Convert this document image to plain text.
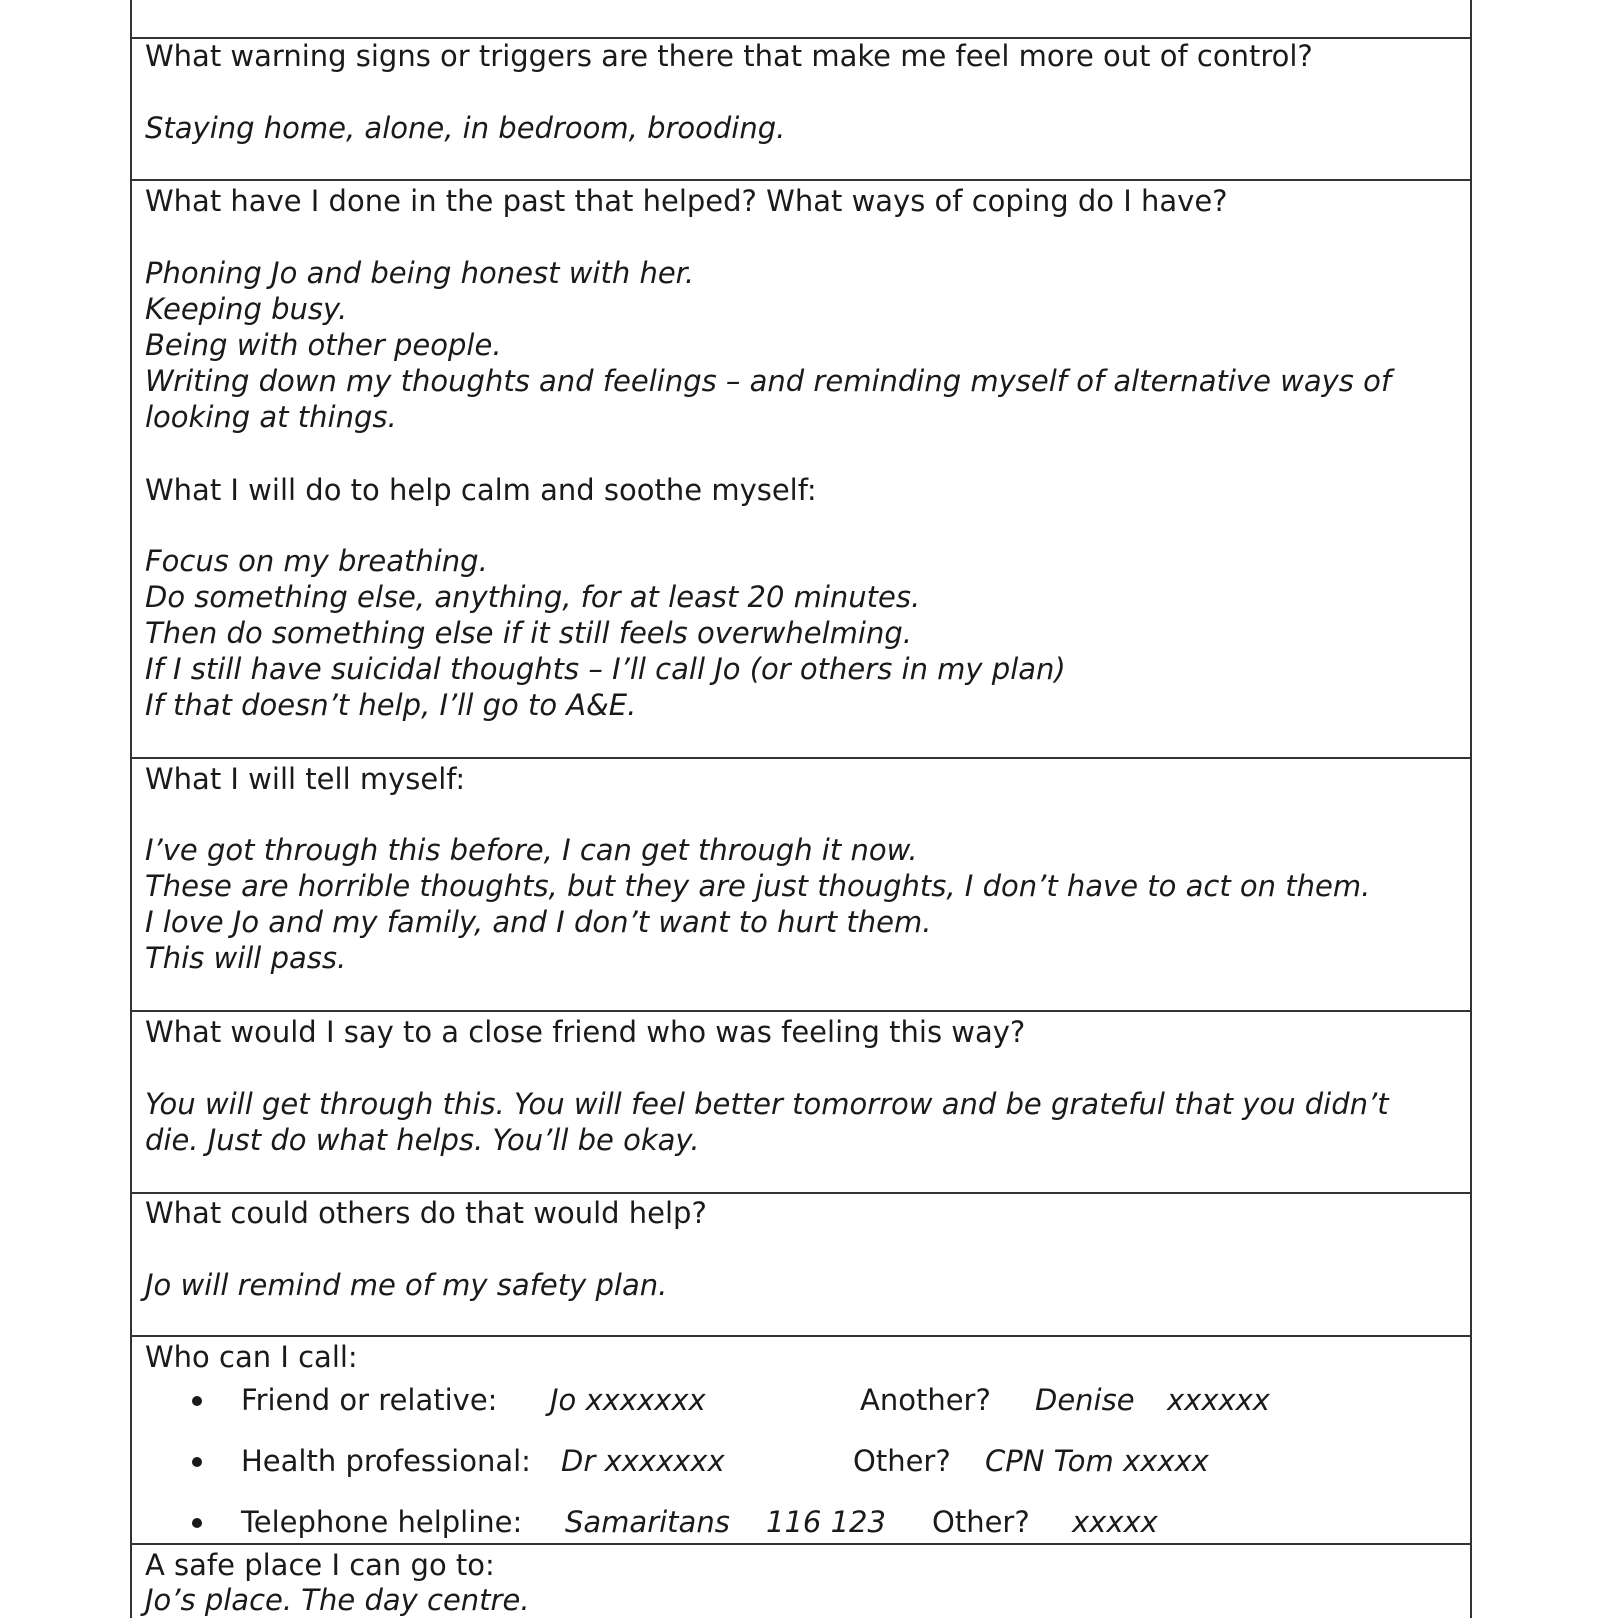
What warning signs or triggers are there that make me feel more out of control?
Staying home, alone, in bedroom, brooding.
What have I done in the past that helped? What ways of coping do I have?
Phoning Jo and being honest with her.
Keeping busy.
Being with other people.
Writing down my thoughts and feelings – and reminding myself of alternative ways of
looking at things.
What I will do to help calm and soothe myself:
Focus on my breathing.
Do something else, anything, for at least 20 minutes.
Then do something else if it still feels overwhelming.
If I still have suicidal thoughts – I’ll call Jo (or others in my plan)
If that doesn’t help, I’ll go to A&E.
What I will tell myself:
I’ve got through this before, I can get through it now.
These are horrible thoughts, but they are just thoughts, I don’t have to act on them.
I love Jo and my family, and I don’t want to hurt them.
This will pass.
What would I say to a close friend who was feeling this way?
You will get through this. You will feel better tomorrow and be grateful that you didn’t
die. Just do what helps. You’ll be okay.
What could others do that would help?
Jo will remind me of my safety plan.
Who can I call:
Friend or relative: Jo xxxxxxx	Another? Denise xxxxxx
Health professional: Dr xxxxxxx	Other? CPN Tom xxxxx
Telephone helpline: Samaritans 116 123 Other? xxxxx
A safe place I can go to:
Jo’s place. The day centre.
